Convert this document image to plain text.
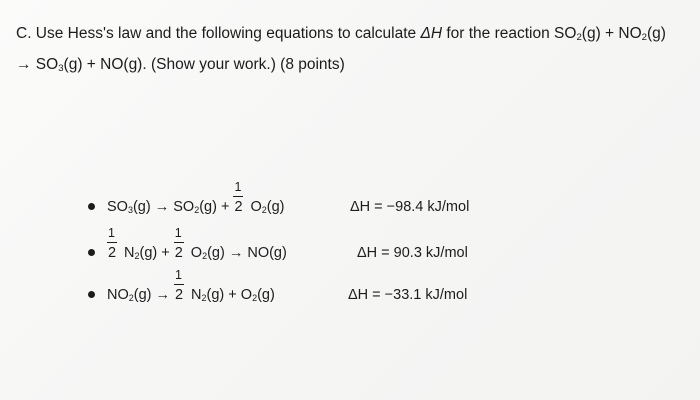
C. Use Hess's law and the following equations to calculate ΔH for the reaction $SO_2(g) + NO_2(g)$
→ $SO_3(g) + NO(g)$. (Show your work.) (8 points)
$SO_3(g) \to SO_2(g) + \frac{1}{2} O_2(g)$	ΔH = −98.4 kJ/mol
$\frac{1}{2} N_2(g) + \frac{1}{2} O_2(g) \to NO(g)$	ΔH = 90.3 kJ/mol
$NO_2(g) \to \frac{1}{2} N_2(g) + O_2(g)$	ΔH = −33.1 kJ/mol
